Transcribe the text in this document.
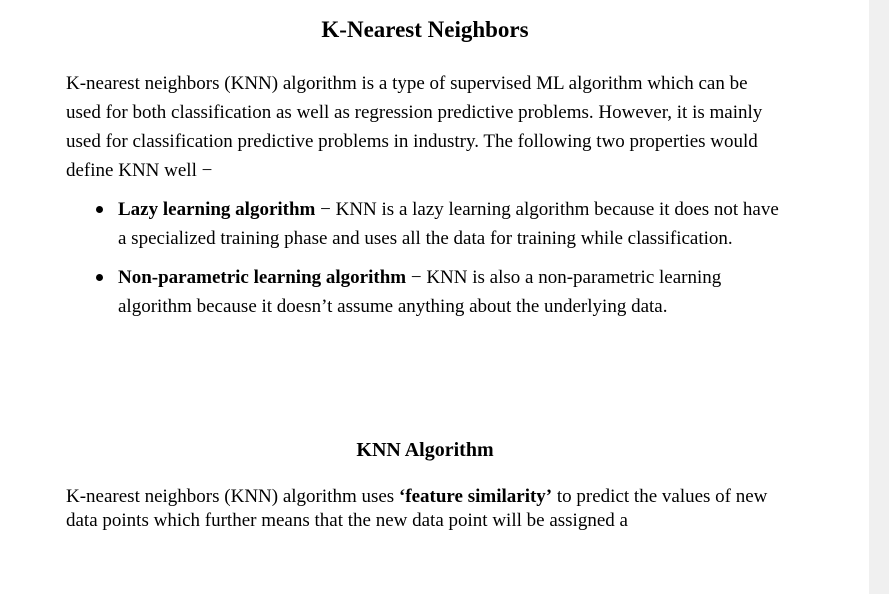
K-Nearest Neighbors

K-nearest neighbors (KNN) algorithm is a type of supervised ML algorithm which can be used for both classification as well as regression predictive problems. However, it is mainly used for classification predictive problems in industry. The following two properties would define KNN well −

Lazy learning algorithm − KNN is a lazy learning algorithm because it does not have a specialized training phase and uses all the data for training while classification.
Non-parametric learning algorithm − KNN is also a non-parametric learning algorithm because it doesn’t assume anything about the underlying data.
KNN Algorithm

K-nearest neighbors (KNN) algorithm uses ‘feature similarity’ to predict the values of new data points which further means that the new data point will be assigned a
